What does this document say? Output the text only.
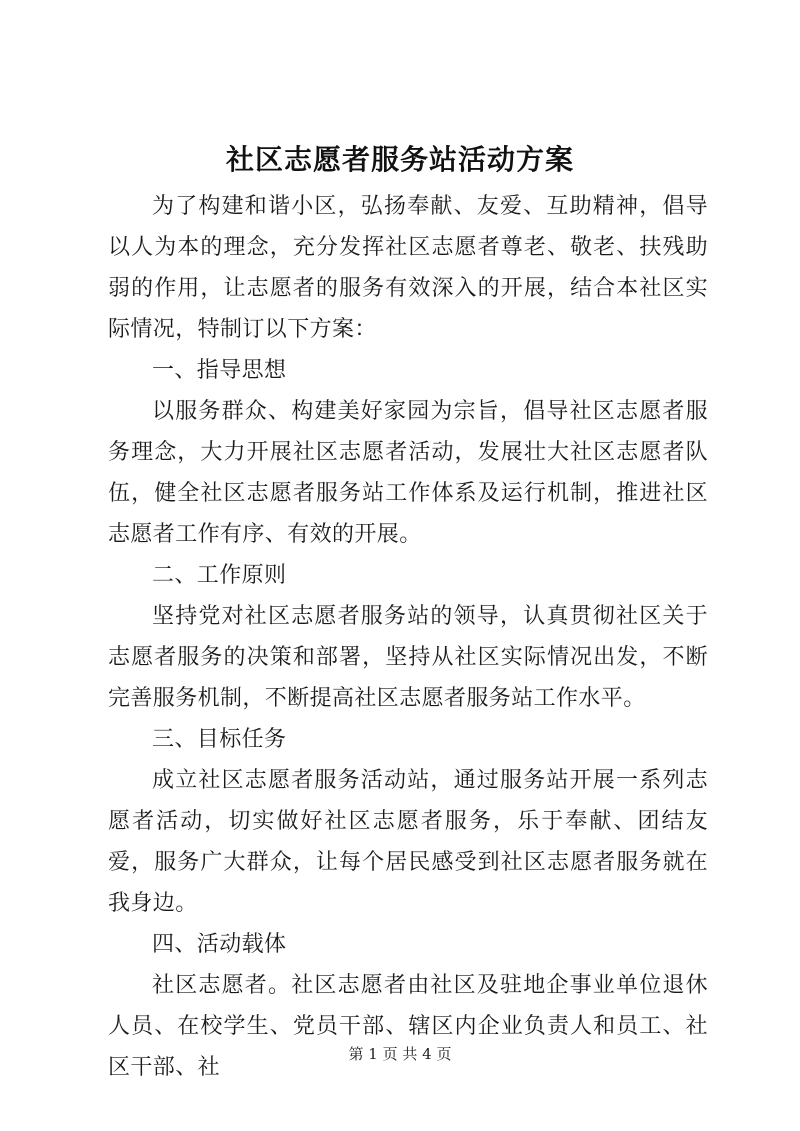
社区志愿者服务站活动方案

为了构建和谐小区，弘扬奉献、友爱、互助精神，倡导以人为本的理念，充分发挥社区志愿者尊老、敬老、扶残助弱的作用，让志愿者的服务有效深入的开展，结合本社区实际情况，特制订以下方案：

一、指导思想

以服务群众、构建美好家园为宗旨，倡导社区志愿者服务理念，大力开展社区志愿者活动，发展壮大社区志愿者队伍，健全社区志愿者服务站工作体系及运行机制，推进社区志愿者工作有序、有效的开展。

二、工作原则

坚持党对社区志愿者服务站的领导，认真贯彻社区关于志愿者服务的决策和部署，坚持从社区实际情况出发，不断完善服务机制，不断提高社区志愿者服务站工作水平。

三、目标任务

成立社区志愿者服务活动站，通过服务站开展一系列志愿者活动，切实做好社区志愿者服务，乐于奉献、团结友爱，服务广大群众，让每个居民感受到社区志愿者服务就在我身边。

四、活动载体

社区志愿者。社区志愿者由社区及驻地企事业单位退休人员、在校学生、党员干部、辖区内企业负责人和员工、社区干部、社

第 1 页 共 4 页
